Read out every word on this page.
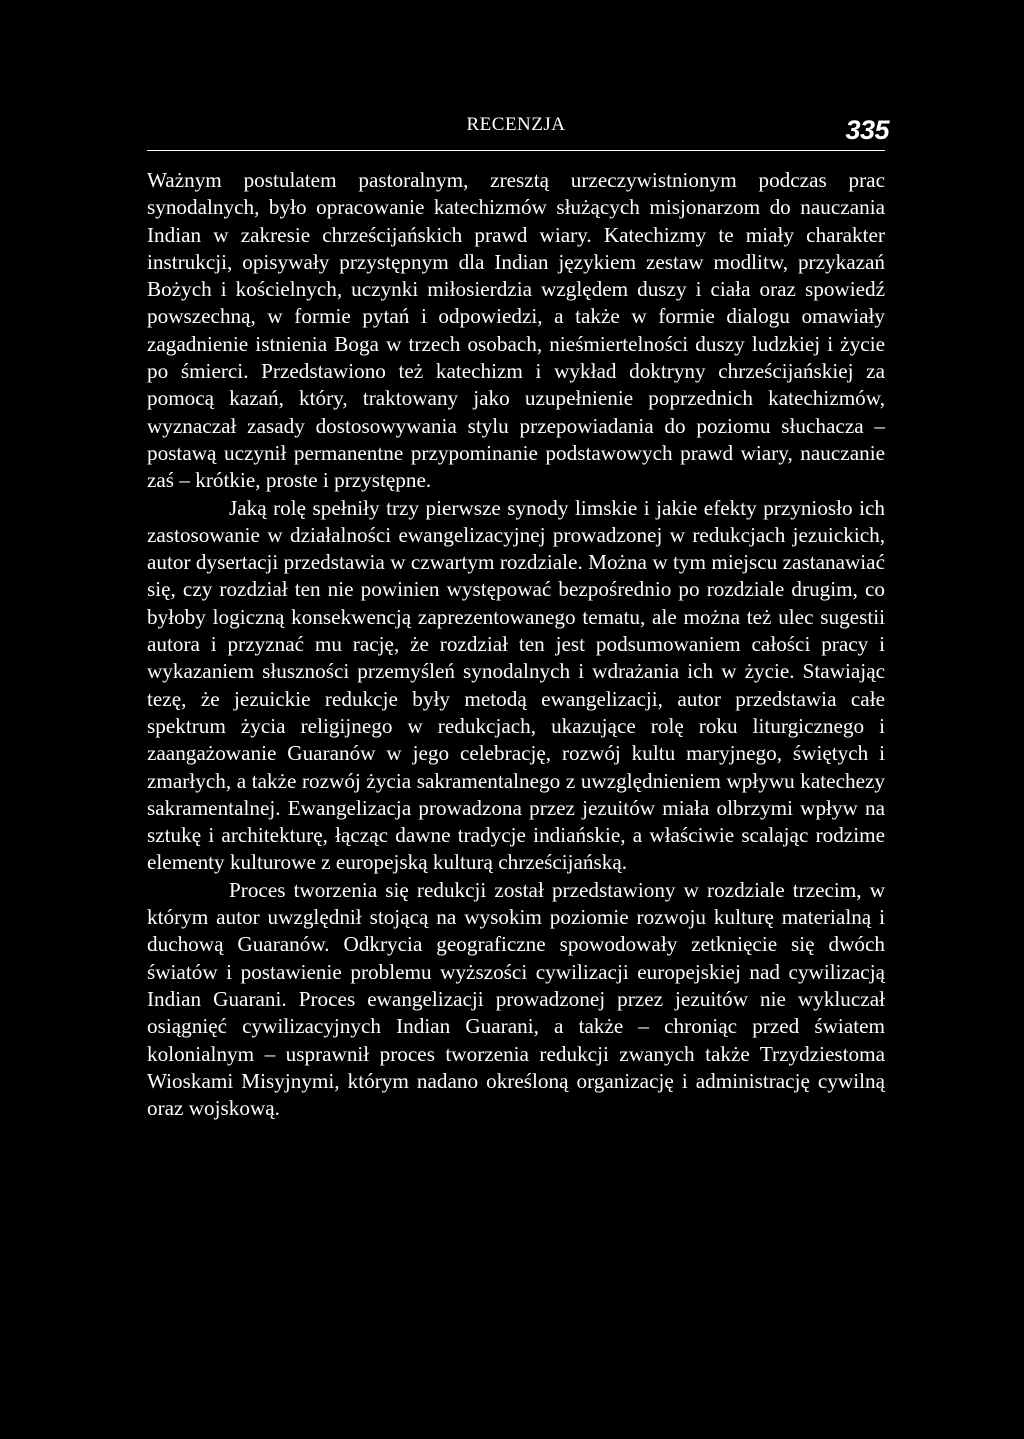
RECENZJA	335

Ważnym postulatem pastoralnym, zresztą urzeczywistnionym podczas prac synodalnych, było opracowanie katechizmów służących misjonarzom do nauczania Indian w zakresie chrześcijańskich prawd wiary. Katechizmy te miały charakter instrukcji, opisywały przystępnym dla Indian językiem zestaw modlitw, przykazań Bożych i kościelnych, uczynki miłosierdzia względem duszy i ciała oraz spowiedź powszechną, w formie pytań i odpowiedzi, a także w formie dialogu omawiały zagadnienie istnienia Boga w trzech osobach, nieśmiertelności duszy ludzkiej i życie po śmierci. Przedstawiono też katechizm i wykład doktryny chrześcijańskiej za pomocą kazań, który, traktowany jako uzupełnienie poprzednich katechizmów, wyznaczał zasady dostosowywania stylu przepowiadania do poziomu słuchacza – postawą uczynił permanentne przypominanie podstawowych prawd wiary, nauczanie zaś – krótkie, proste i przystępne.

Jaką rolę spełniły trzy pierwsze synody limskie i jakie efekty przyniosło ich zastosowanie w działalności ewangelizacyjnej prowadzonej w redukcjach jezuickich, autor dysertacji przedstawia w czwartym rozdziale. Można w tym miejscu zastanawiać się, czy rozdział ten nie powinien występować bezpośrednio po rozdziale drugim, co byłoby logiczną konsekwencją zaprezentowanego tematu, ale można też ulec sugestii autora i przyznać mu rację, że rozdział ten jest podsumowaniem całości pracy i wykazaniem słuszności przemyśleń synodalnych i wdrażania ich w życie. Stawiając tezę, że jezuickie redukcje były metodą ewangelizacji, autor przedstawia całe spektrum życia religijnego w redukcjach, ukazujące rolę roku liturgicznego i zaangażowanie Guaranów w jego celebrację, rozwój kultu maryjnego, świętych i zmarłych, a także rozwój życia sakramentalnego z uwzględnieniem wpływu katechezy sakramentalnej. Ewangelizacja prowadzona przez jezuitów miała olbrzymi wpływ na sztukę i architekturę, łącząc dawne tradycje indiańskie, a właściwie scalając rodzime elementy kulturowe z europejską kulturą chrześcijańską.

Proces tworzenia się redukcji został przedstawiony w rozdziale trzecim, w którym autor uwzględnił stojącą na wysokim poziomie rozwoju kulturę materialną i duchową Guaranów. Odkrycia geograficzne spowodowały zetknięcie się dwóch światów i postawienie problemu wyższości cywilizacji europejskiej nad cywilizacją Indian Guarani. Proces ewangelizacji prowadzonej przez jezuitów nie wykluczał osiągnięć cywilizacyjnych Indian Guarani, a także – chroniąc przed światem kolonialnym – usprawnił proces tworzenia redukcji zwanych także Trzydziestoma Wioskami Misyjnymi, którym nadano określoną organizację i administrację cywilną oraz wojskową.
